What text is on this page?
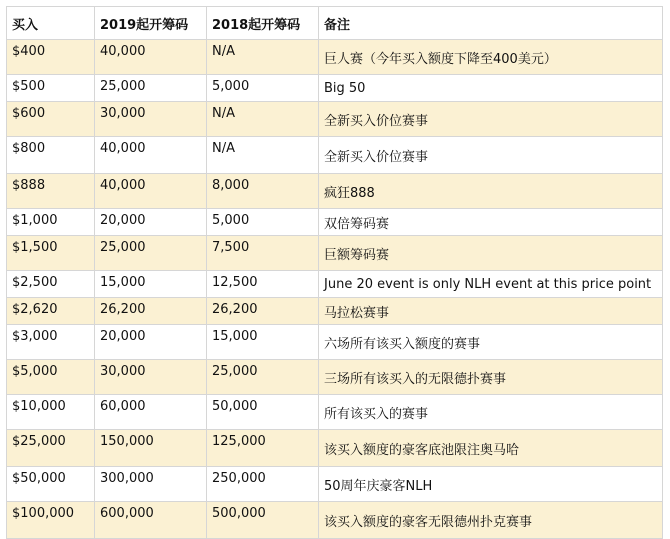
买入	2019起开筹码	2018起开筹码	备注
$400	40,000	N/A	巨人赛（今年买入额度下降至400美元）
$500	25,000	5,000	Big 50
$600	30,000	N/A	全新买入价位赛事
$800	40,000	N/A	全新买入价位赛事
$888	40,000	8,000	疯狂888
$1,000	20,000	5,000	双倍筹码赛
$1,500	25,000	7,500	巨额筹码赛
$2,500	15,000	12,500	June 20 event is only NLH event at this price point
$2,620	26,200	26,200	马拉松赛事
$3,000	20,000	15,000	六场所有该买入额度的赛事
$5,000	30,000	25,000	三场所有该买入的无限德扑赛事
$10,000	60,000	50,000	所有该买入的赛事
$25,000	150,000	125,000	该买入额度的豪客底池限注奥马哈
$50,000	300,000	250,000	50周年庆豪客NLH
$100,000	600,000	500,000	该买入额度的豪客无限德州扑克赛事
